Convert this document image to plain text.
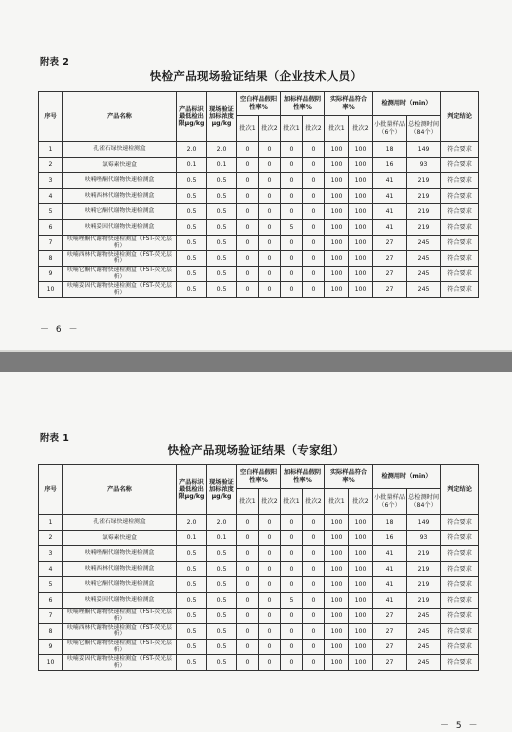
附表 2
快检产品现场验证结果（企业技术人员）
序号	产品名称	产品标识最低检出限μg/kg	现场验证加标浓度μg/kg	空白样品假阳性率%		加标样品假阴性率%		实际样品符合率%		检测用时（min）		判定结论
				批次1	批次2	批次1	批次2	批次1	批次2	小批量样品（6个）	总检测时间（84个）	
1	孔雀石绿快速检测盒	2.0	2.0	0	0	0	0	100	100	18	149	符合要求
2	氯霉素快速盒	0.1	0.1	0	0	0	0	100	100	16	93	符合要求
3	呋喃唑酮代谢物快速检测盒	0.5	0.5	0	0	0	0	100	100	41	219	符合要求
4	呋喃西林代谢物快速检测盒	0.5	0.5	0	0	0	0	100	100	41	219	符合要求
5	呋喃它酮代谢物快速检测盒	0.5	0.5	0	0	0	0	100	100	41	219	符合要求
6	呋喃妥因代谢物快速检测盒	0.5	0.5	0	0	5	0	100	100	41	219	符合要求
7	呋喃唑酮代谢物快速检测盒（FST-荧光层析）	0.5	0.5	0	0	0	0	100	100	27	245	符合要求
8	呋喃西林代谢物快速检测盒（FST-荧光层析）	0.5	0.5	0	0	0	0	100	100	27	245	符合要求
9	呋喃它酮代谢物快速检测盒（FST-荧光层析）	0.5	0.5	0	0	0	0	100	100	27	245	符合要求
10	呋喃妥因代谢物快速检测盒（FST-荧光层析）	0.5	0.5	0	0	0	0	100	100	27	245	符合要求
－ 6 －
附表 1
快检产品现场验证结果（专家组）
序号	产品名称	产品标识最低检出限μg/kg	现场验证加标浓度μg/kg	空白样品假阳性率%		加标样品假阴性率%		实际样品符合率%		检测用时（min）		判定结论
				批次1	批次2	批次1	批次2	批次1	批次2	小批量样品（6个）	总检测时间（84个）	
1	孔雀石绿快速检测盒	2.0	2.0	0	0	0	0	100	100	18	149	符合要求
2	氯霉素快速盒	0.1	0.1	0	0	0	0	100	100	16	93	符合要求
3	呋喃唑酮代谢物快速检测盒	0.5	0.5	0	0	0	0	100	100	41	219	符合要求
4	呋喃西林代谢物快速检测盒	0.5	0.5	0	0	0	0	100	100	41	219	符合要求
5	呋喃它酮代谢物快速检测盒	0.5	0.5	0	0	0	0	100	100	41	219	符合要求
6	呋喃妥因代谢物快速检测盒	0.5	0.5	0	0	5	0	100	100	41	219	符合要求
7	呋喃唑酮代谢物快速检测盒（FST-荧光层析）	0.5	0.5	0	0	0	0	100	100	27	245	符合要求
8	呋喃西林代谢物快速检测盒（FST-荧光层析）	0.5	0.5	0	0	0	0	100	100	27	245	符合要求
9	呋喃它酮代谢物快速检测盒（FST-荧光层析）	0.5	0.5	0	0	0	0	100	100	27	245	符合要求
10	呋喃妥因代谢物快速检测盒（FST-荧光层析）	0.5	0.5	0	0	0	0	100	100	27	245	符合要求
－ 5 －
